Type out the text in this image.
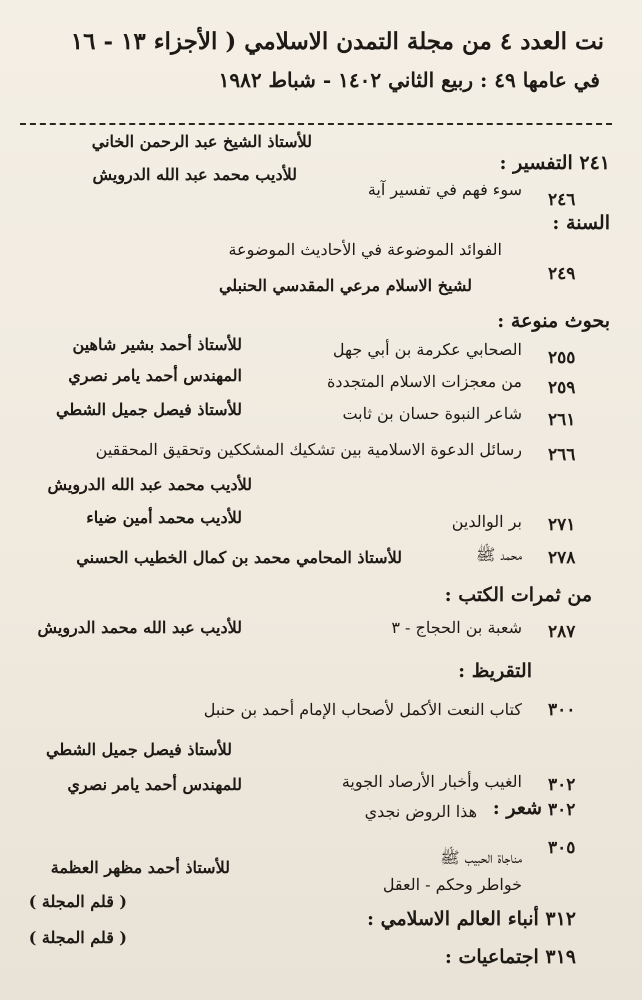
نت العدد ٤ من مجلة التمدن الاسلامي ( الأجزاء ١٣ - ١٦
في عامها ٤٩ : ربيع الثاني ١٤٠٢ - شباط ١٩٨٢
للأستاذ الشيخ عبد الرحمن الخاني
٢٤١ التفسير :
٢٤٦
سوء فهم في تفسير آية
للأديب محمد عبد الله الدرويش
السنة :
الفوائد الموضوعة في الأحاديث الموضوعة
٢٤٩
لشيخ الاسلام مرعي المقدسي الحنبلي
بحوث منوعة :
٢٥٥
الصحابي عكرمة بن أبي جهل
للأستاذ أحمد بشير شاهين
٢٥٩
من معجزات الاسلام المتجددة
المهندس أحمد يامر نصري
٢٦١
شاعر النبوة حسان بن ثابت
للأستاذ فيصل جميل الشطي
٢٦٦
رسائل الدعوة الاسلامية بين تشكيك المشككين وتحقيق المحققين
للأديب محمد عبد الله الدرويش
٢٧١
بر الوالدين
للأديب محمد أمين ضياء
٢٧٨
محمد ﷺ
للأستاذ المحامي محمد بن كمال الخطيب الحسني
من ثمرات الكتب :
٢٨٧
شعبة بن الحجاج - ٣
للأديب عبد الله محمد الدرويش
التقريظ :
٣٠٠
كتاب النعت الأكمل لأصحاب الإمام أحمد بن حنبل
للأستاذ فيصل جميل الشطي
٣٠٢
الغيب وأخبار الأرصاد الجوية
للمهندس أحمد يامر نصري
٣٠٢
شعر :
هذا الروض نجدي
٣٠٥
مناجاة الحبيب ﷺ
للأستاذ أحمد مظهر العظمة
خواطر وحكم - العقل
( قلم المجلة )
٣١٢ أنباء العالم الاسلامي :
( قلم المجلة )
٣١٩ اجتماعيات :
